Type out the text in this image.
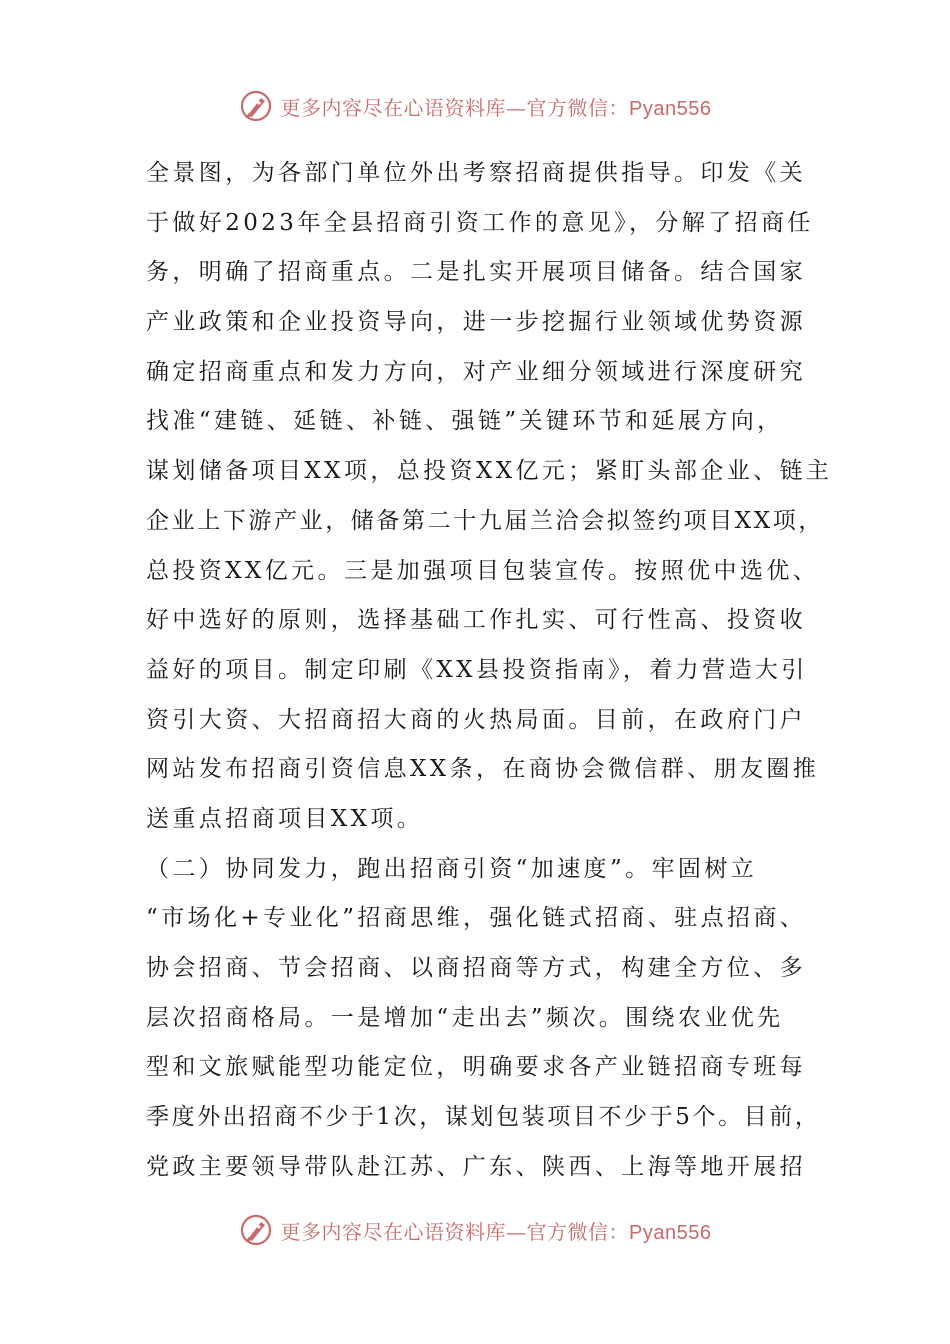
更多内容尽在心语资料库—官方微信：Pyan556
全景图，为各部门单位外出考察招商提供指导。印发《关
于做好2023年全县招商引资工作的意见》，分解了招商任
务，明确了招商重点。二是扎实开展项目储备。结合国家
产业政策和企业投资导向，进一步挖掘行业领域优势资源
确定招商重点和发力方向，对产业细分领域进行深度研究
找准“建链、延链、补链、强链”关键环节和延展方向，
谋划储备项目XX项，总投资XX亿元；紧盯头部企业、链主
企业上下游产业，储备第二十九届兰洽会拟签约项目XX项，
总投资XX亿元。三是加强项目包装宣传。按照优中选优、
好中选好的原则，选择基础工作扎实、可行性高、投资收
益好的项目。制定印刷《XX县投资指南》，着力营造大引
资引大资、大招商招大商的火热局面。目前，在政府门户
网站发布招商引资信息XX条，在商协会微信群、朋友圈推
送重点招商项目XX项。
（二）协同发力，跑出招商引资“加速度”。牢固树立
“市场化+专业化”招商思维，强化链式招商、驻点招商、
协会招商、节会招商、以商招商等方式，构建全方位、多
层次招商格局。一是增加“走出去”频次。围绕农业优先
型和文旅赋能型功能定位，明确要求各产业链招商专班每
季度外出招商不少于1次，谋划包装项目不少于5个。目前，
党政主要领导带队赴江苏、广东、陕西、上海等地开展招
更多内容尽在心语资料库—官方微信：Pyan556
